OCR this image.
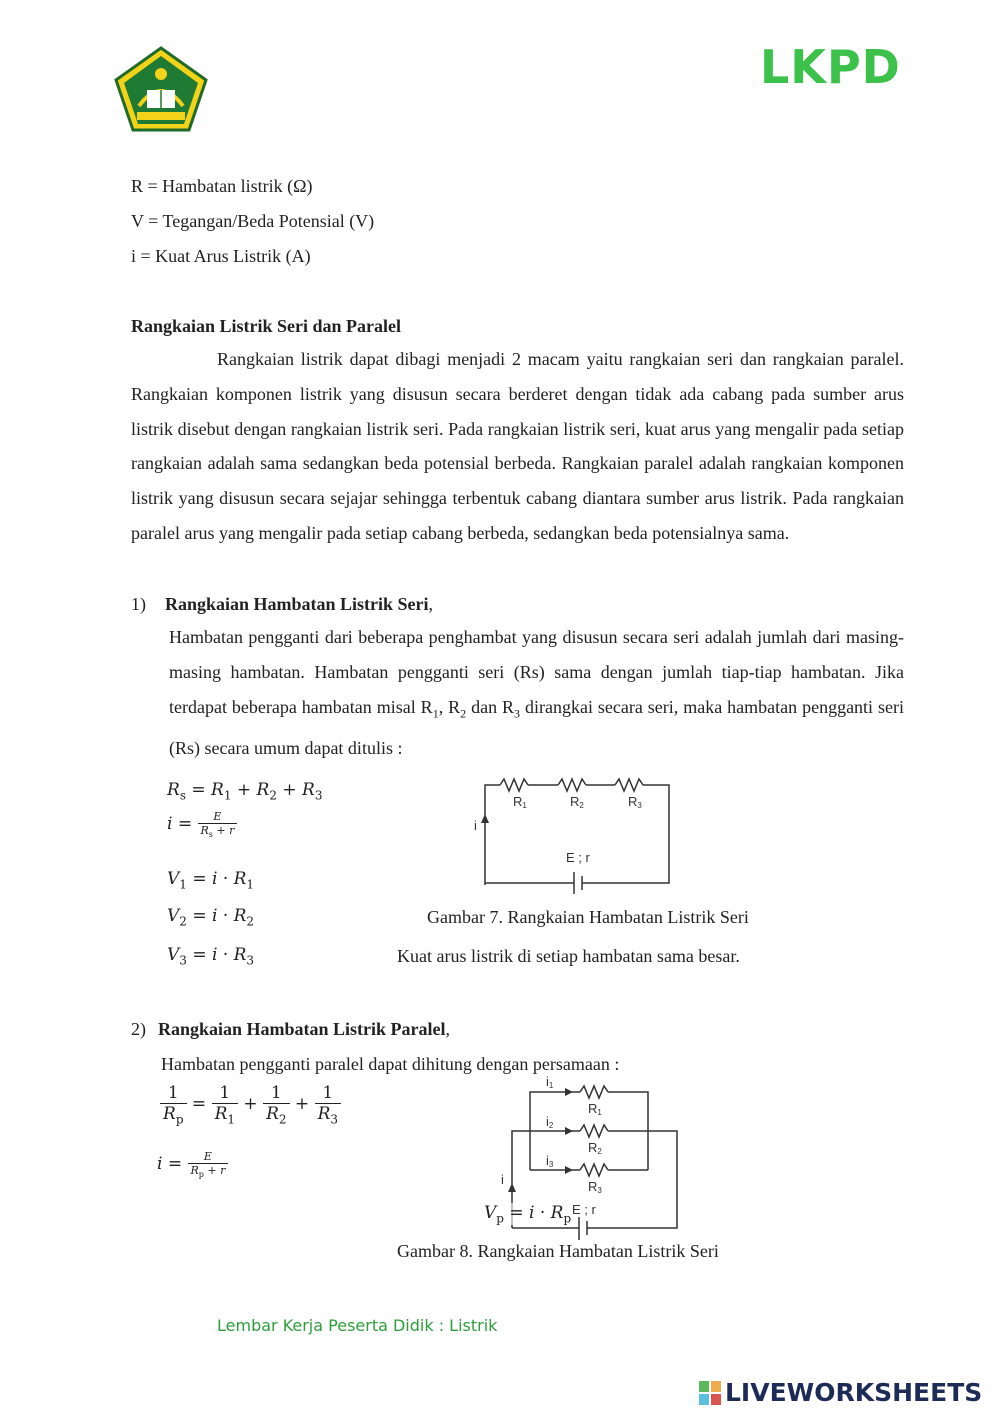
LKPD
R = Hambatan listrik (Ω)
V = Tegangan/Beda Potensial (V)
i = Kuat Arus Listrik (A)
Rangkaian Listrik Seri dan Paralel
Rangkaian listrik dapat dibagi menjadi 2 macam yaitu rangkaian seri dan rangkaian paralel. Rangkaian komponen listrik yang disusun secara berderet dengan tidak ada cabang pada sumber arus listrik disebut dengan rangkaian listrik seri. Pada rangkaian listrik seri, kuat arus yang mengalir pada setiap rangkaian adalah sama sedangkan beda potensial berbeda. Rangkaian paralel adalah rangkaian komponen listrik yang disusun secara sejajar sehingga terbentuk cabang diantara sumber arus listrik. Pada rangkaian paralel arus yang mengalir pada setiap cabang berbeda, sedangkan beda potensialnya sama.
1) Rangkaian Hambatan Listrik Seri,
Hambatan pengganti dari beberapa penghambat yang disusun secara seri adalah jumlah dari masing-masing hambatan. Hambatan pengganti seri (Rs) sama dengan jumlah tiap-tiap hambatan. Jika terdapat beberapa hambatan misal $R_1$, $R_2$ dan $R_3$ dirangkai secara seri, maka hambatan pengganti seri (Rs) secara umum dapat ditulis :
$R_s = R_1 + R_2 + R_3$
$i = \frac{E}{R_s + r}$
$V_1 = i \cdot R_1$
$V_2 = i \cdot R_2$
$V_3 = i \cdot R_3$
R1	R2	R3
i
E ; r
Gambar 7. Rangkaian Hambatan Listrik Seri
Kuat arus listrik di setiap hambatan sama besar.
2) Rangkaian Hambatan Listrik Paralel,
Hambatan pengganti paralel dapat dihitung dengan persamaan :
$\frac{1}{R_p} = \frac{1}{R_1} + \frac{1}{R_2} + \frac{1}{R_3}$
$i = \frac{E}{R_p + r}$
i1
i2
i3
R1
R2
R3
i
E ; r
$V_p = i \cdot R_p$
Gambar 8. Rangkaian Hambatan Listrik Seri
Lembar Kerja Peserta Didik : Listrik
LIVEWORKSHEETS
